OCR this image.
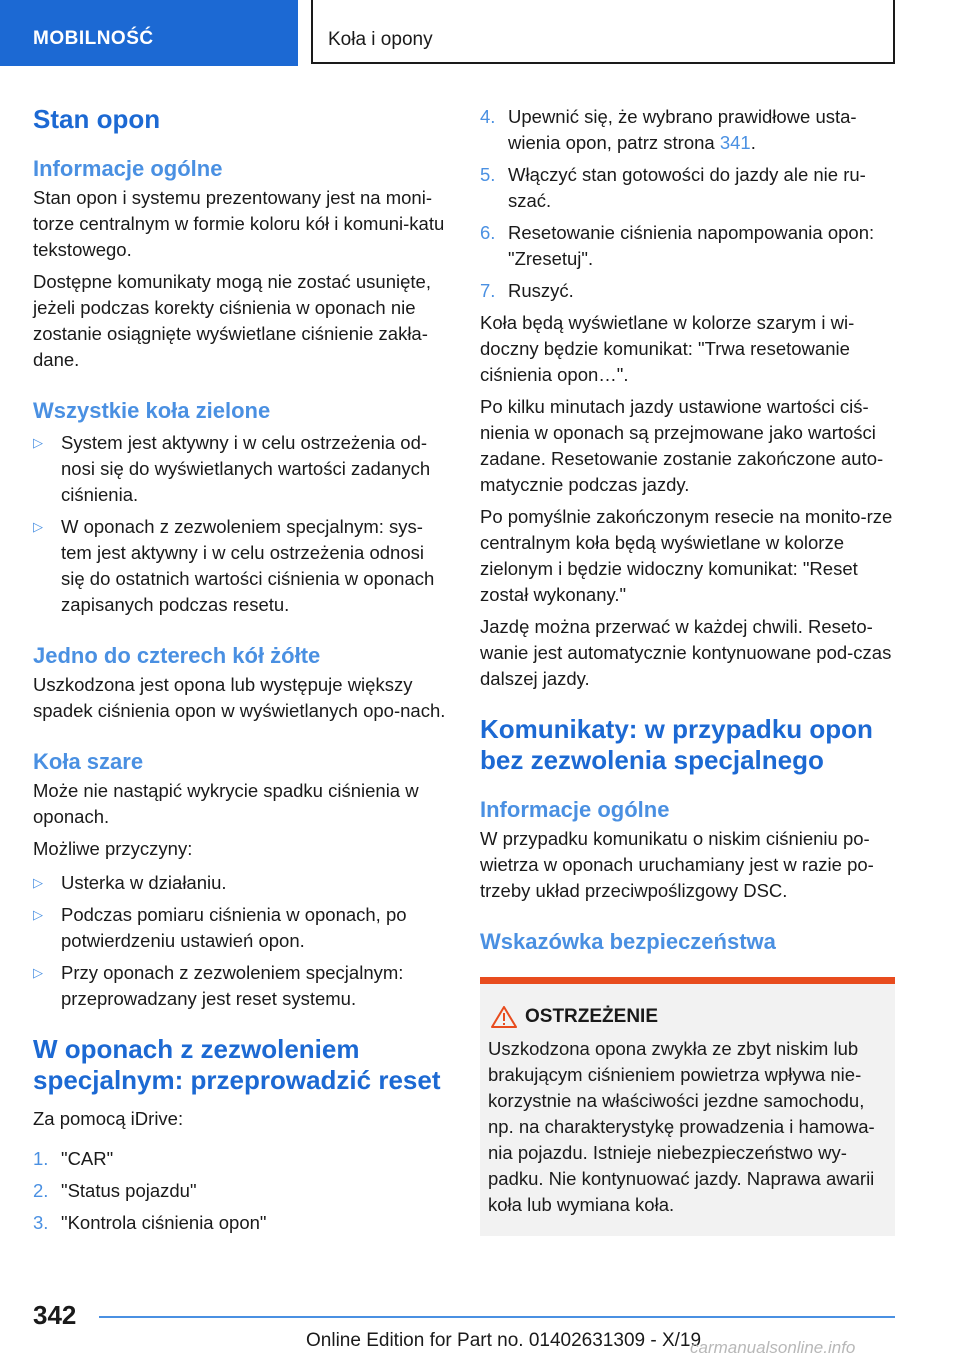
MOBILNOŚĆ	Koła i opony
Stan opon
Informacje ogólne
Stan opon i systemu prezentowany jest na moni-torze centralnym w formie koloru kół i komuni-katu tekstowego.
Dostępne komunikaty mogą nie zostać usunięte, jeżeli podczas korekty ciśnienia w oponach nie zostanie osiągnięte wyświetlane ciśnienie zakła-dane.
Wszystkie koła zielone
▷ System jest aktywny i w celu ostrzeżenia od-nosi się do wyświetlanych wartości zadanych ciśnienia.
▷ W oponach z zezwoleniem specjalnym: sys-tem jest aktywny i w celu ostrzeżenia odnosi się do ostatnich wartości ciśnienia w oponach zapisanych podczas resetu.
Jedno do czterech kół żółte
Uszkodzona jest opona lub występuje większy spadek ciśnienia opon w wyświetlanych opo-nach.
Koła szare
Może nie nastąpić wykrycie spadku ciśnienia w oponach.
Możliwe przyczyny:
▷ Usterka w działaniu.
▷ Podczas pomiaru ciśnienia w oponach, po potwierdzeniu ustawień opon.
▷ Przy oponach z zezwoleniem specjalnym: przeprowadzany jest reset systemu.
W oponach z zezwoleniem specjalnym: przeprowadzić reset
Za pomocą iDrive:
1. "CAR"
2. "Status pojazdu"
3. "Kontrola ciśnienia opon"
4. Upewnić się, że wybrano prawidłowe usta-wienia opon, patrz strona 341.
5. Włączyć stan gotowości do jazdy ale nie ru-szać.
6. Resetowanie ciśnienia napompowania opon: "Zresetuj".
7. Ruszyć.
Koła będą wyświetlane w kolorze szarym i wi-doczny będzie komunikat: "Trwa resetowanie ciśnienia opon…".
Po kilku minutach jazdy ustawione wartości ciś-nienia w oponach są przejmowane jako wartości zadane. Resetowanie zostanie zakończone auto-matycznie podczas jazdy.
Po pomyślnie zakończonym resecie na monito-rze centralnym koła będą wyświetlane w kolorze zielonym i będzie widoczny komunikat: "Reset został wykonany."
Jazdę można przerwać w każdej chwili. Reseto-wanie jest automatycznie kontynuowane pod-czas dalszej jazdy.
Komunikaty: w przypadku opon bez zezwolenia specjalnego
Informacje ogólne
W przypadku komunikatu o niskim ciśnieniu po-wietrza w oponach uruchamiany jest w razie po-trzeby układ przeciwpoślizgowy DSC.
Wskazówka bezpieczeństwa
OSTRZEŻENIE
Uszkodzona opona zwykła ze zbyt niskim lub brakującym ciśnieniem powietrza wpływa nie-korzystnie na właściwości jezdne samochodu, np. na charakterystykę prowadzenia i hamowa-nia pojazdu. Istnieje niebezpieczeństwo wy-padku. Nie kontynuować jazdy. Naprawa awarii koła lub wymiana koła.
342
Online Edition for Part no. 01402631309 - X/19
carmanualsonline.info
